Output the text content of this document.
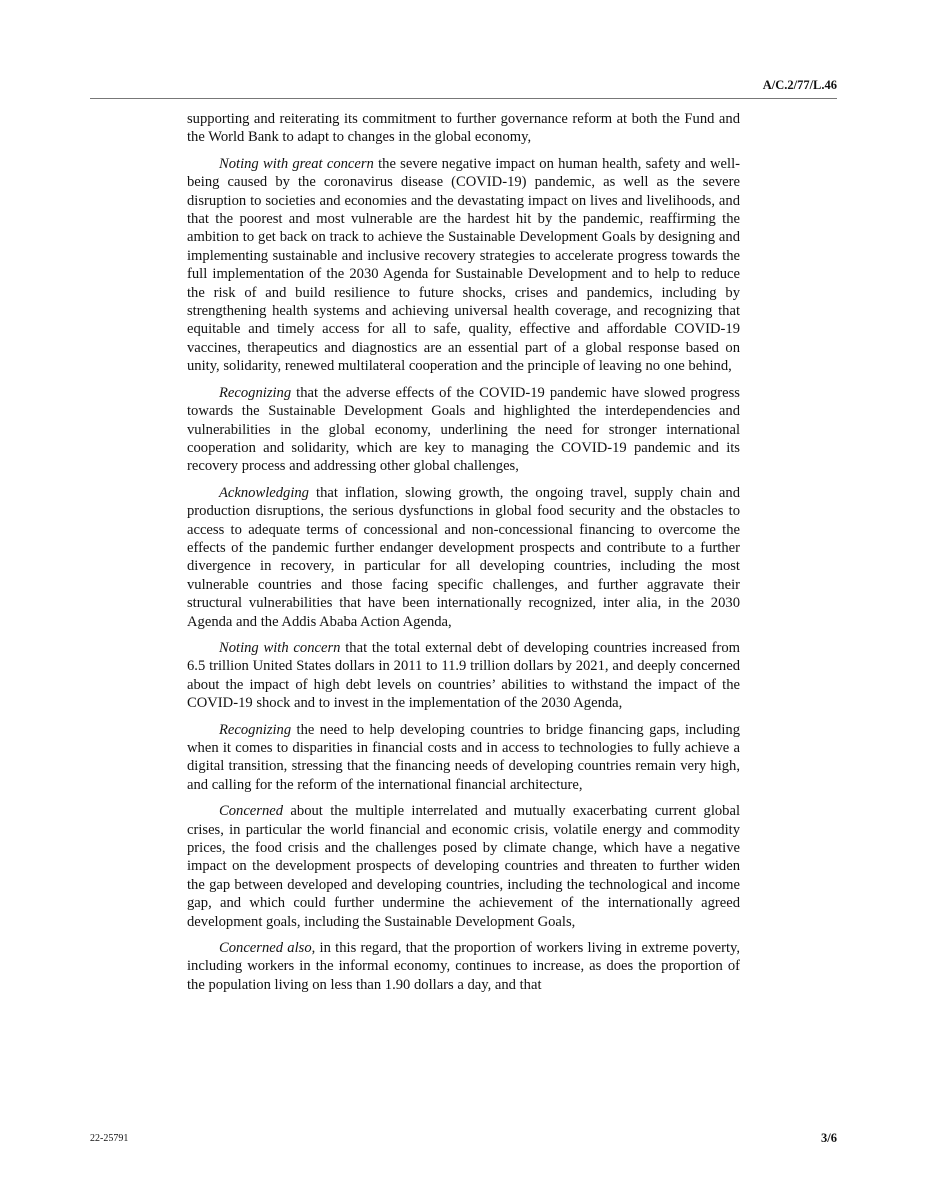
A/C.2/77/L.46

supporting and reiterating its commitment to further governance reform at both the Fund and the World Bank to adapt to changes in the global economy,

Noting with great concern the severe negative impact on human health, safety and well-being caused by the coronavirus disease (COVID-19) pandemic, as well as the severe disruption to societies and economies and the devastating impact on lives and livelihoods, and that the poorest and most vulnerable are the hardest hit by the pandemic, reaffirming the ambition to get back on track to achieve the Sustainable Development Goals by designing and implementing sustainable and inclusive recovery strategies to accelerate progress towards the full implementation of the 2030 Agenda for Sustainable Development and to help to reduce the risk of and build resilience to future shocks, crises and pandemics, including by strengthening health systems and achieving universal health coverage, and recognizing that equitable and timely access for all to safe, quality, effective and affordable COVID-19 vaccines, therapeutics and diagnostics are an essential part of a global response based on unity, solidarity, renewed multilateral cooperation and the principle of leaving no one behind,

Recognizing that the adverse effects of the COVID-19 pandemic have slowed progress towards the Sustainable Development Goals and highlighted the interdependencies and vulnerabilities in the global economy, underlining the need for stronger international cooperation and solidarity, which are key to managing the COVID-19 pandemic and its recovery process and addressing other global challenges,

Acknowledging that inflation, slowing growth, the ongoing travel, supply chain and production disruptions, the serious dysfunctions in global food security and the obstacles to access to adequate terms of concessional and non-concessional financing to overcome the effects of the pandemic further endanger development prospects and contribute to a further divergence in recovery, in particular for all developing countries, including the most vulnerable countries and those facing specific challenges, and further aggravate their structural vulnerabilities that have been internationally recognized, inter alia, in the 2030 Agenda and the Addis Ababa Action Agenda,

Noting with concern that the total external debt of developing countries increased from 6.5 trillion United States dollars in 2011 to 11.9 trillion dollars by 2021, and deeply concerned about the impact of high debt levels on countries’ abilities to withstand the impact of the COVID-19 shock and to invest in the implementation of the 2030 Agenda,

Recognizing the need to help developing countries to bridge financing gaps, including when it comes to disparities in financial costs and in access to technologies to fully achieve a digital transition, stressing that the financing needs of developing countries remain very high, and calling for the reform of the international financial architecture,

Concerned about the multiple interrelated and mutually exacerbating current global crises, in particular the world financial and economic crisis, volatile energy and commodity prices, the food crisis and the challenges posed by climate change, which have a negative impact on the development prospects of developing countries and threaten to further widen the gap between developed and developing countries, including the technological and income gap, and which could further undermine the achievement of the internationally agreed development goals, including the Sustainable Development Goals,

Concerned also, in this regard, that the proportion of workers living in extreme poverty, including workers in the informal economy, continues to increase, as does the proportion of the population living on less than 1.90 dollars a day, and that

22-25791	3/6
